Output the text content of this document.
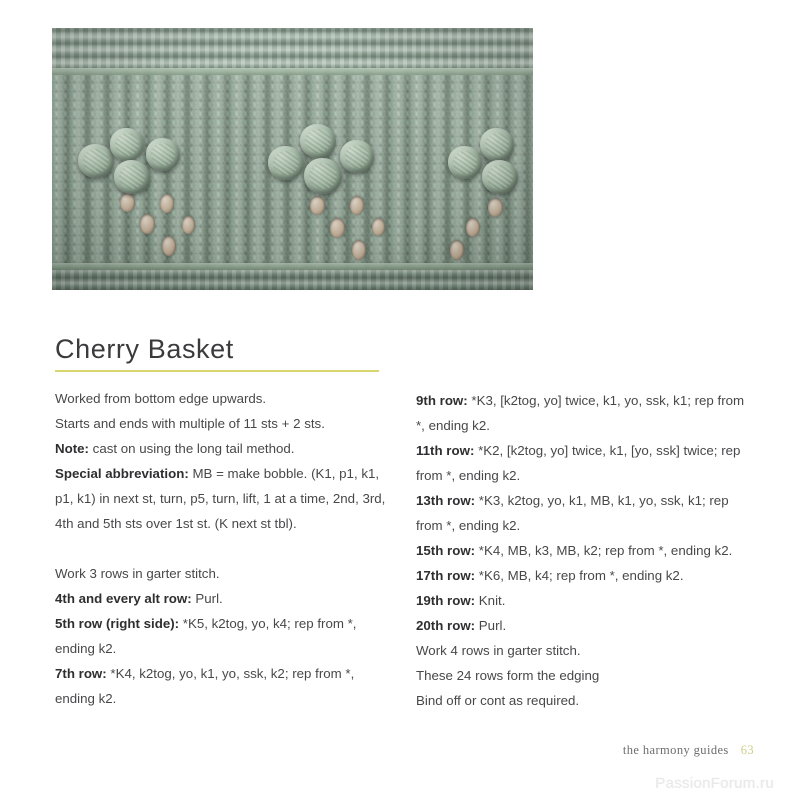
Cherry Basket

Worked from bottom edge upwards.

Starts and ends with multiple of 11 sts + 2 sts.

Note: cast on using the long tail method.

Special abbreviation: MB = make bobble. (K1, p1, k1, p1, k1) in next st, turn, p5, turn, lift, 1 at a time, 2nd, 3rd, 4th and 5th sts over 1st st. (K next st tbl).

Work 3 rows in garter stitch.

4th and every alt row: Purl.

5th row (right side): *K5, k2tog, yo, k4; rep from *, ending k2.

7th row: *K4, k2tog, yo, k1, yo, ssk, k2; rep from *, ending k2.

9th row: *K3, [k2tog, yo] twice, k1, yo, ssk, k1; rep from *, ending k2.

11th row: *K2, [k2tog, yo] twice, k1, [yo, ssk] twice; rep from *, ending k2.

13th row: *K3, k2tog, yo, k1, MB, k1, yo, ssk, k1; rep from *, ending k2.

15th row: *K4, MB, k3, MB, k2; rep from *, ending k2.

17th row: *K6, MB, k4; rep from *, ending k2.

19th row: Knit.

20th row: Purl.

Work 4 rows in garter stitch.

These 24 rows form the edging

Bind off or cont as required.

the harmony guides 63
PassionForum.ru
